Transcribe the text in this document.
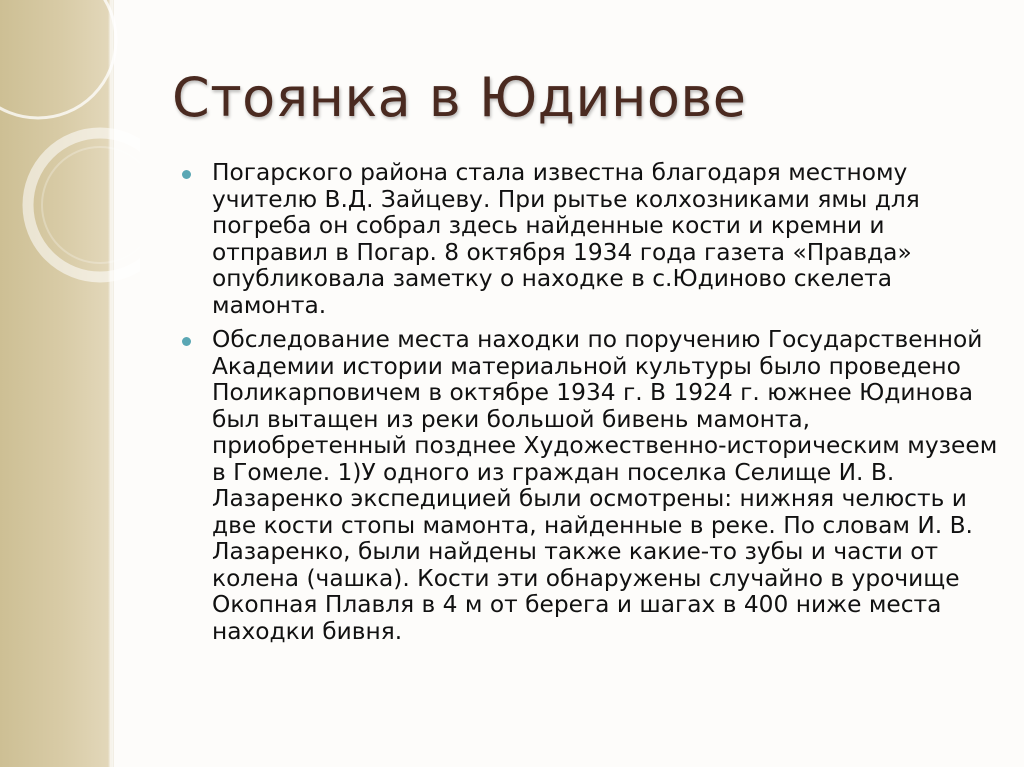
Стоянка в Юдинове
Погарского района стала известна благодаря местному учителю В.Д. Зайцеву. При рытье колхозниками ямы для погреба он собрал здесь найденные кости и кремни и отправил в Погар. 8 октября 1934 года газета «Правда» опубликовала заметку о находке в с.Юдиново скелета мамонта.
Обследование места находки по поручению Государственной Академии истории материальной культуры было проведено Поликарповичем в октябре 1934 г. В 1924 г. южнее Юдинова был вытащен из реки большой бивень мамонта, приобретенный позднее Художественно-историческим музеем в Гомеле. 1)У одного из граждан поселка Селище И. В. Лазаренко экспедицией были осмотрены: нижняя челюсть и две кости стопы мамонта, найденные в реке. По словам И. В. Лазаренко, были найдены также какие-то зубы и части от колена (чашка). Кости эти обнаружены случайно в урочище Окопная Плавля в 4 м от берега и шагах в 400 ниже места находки бивня.
